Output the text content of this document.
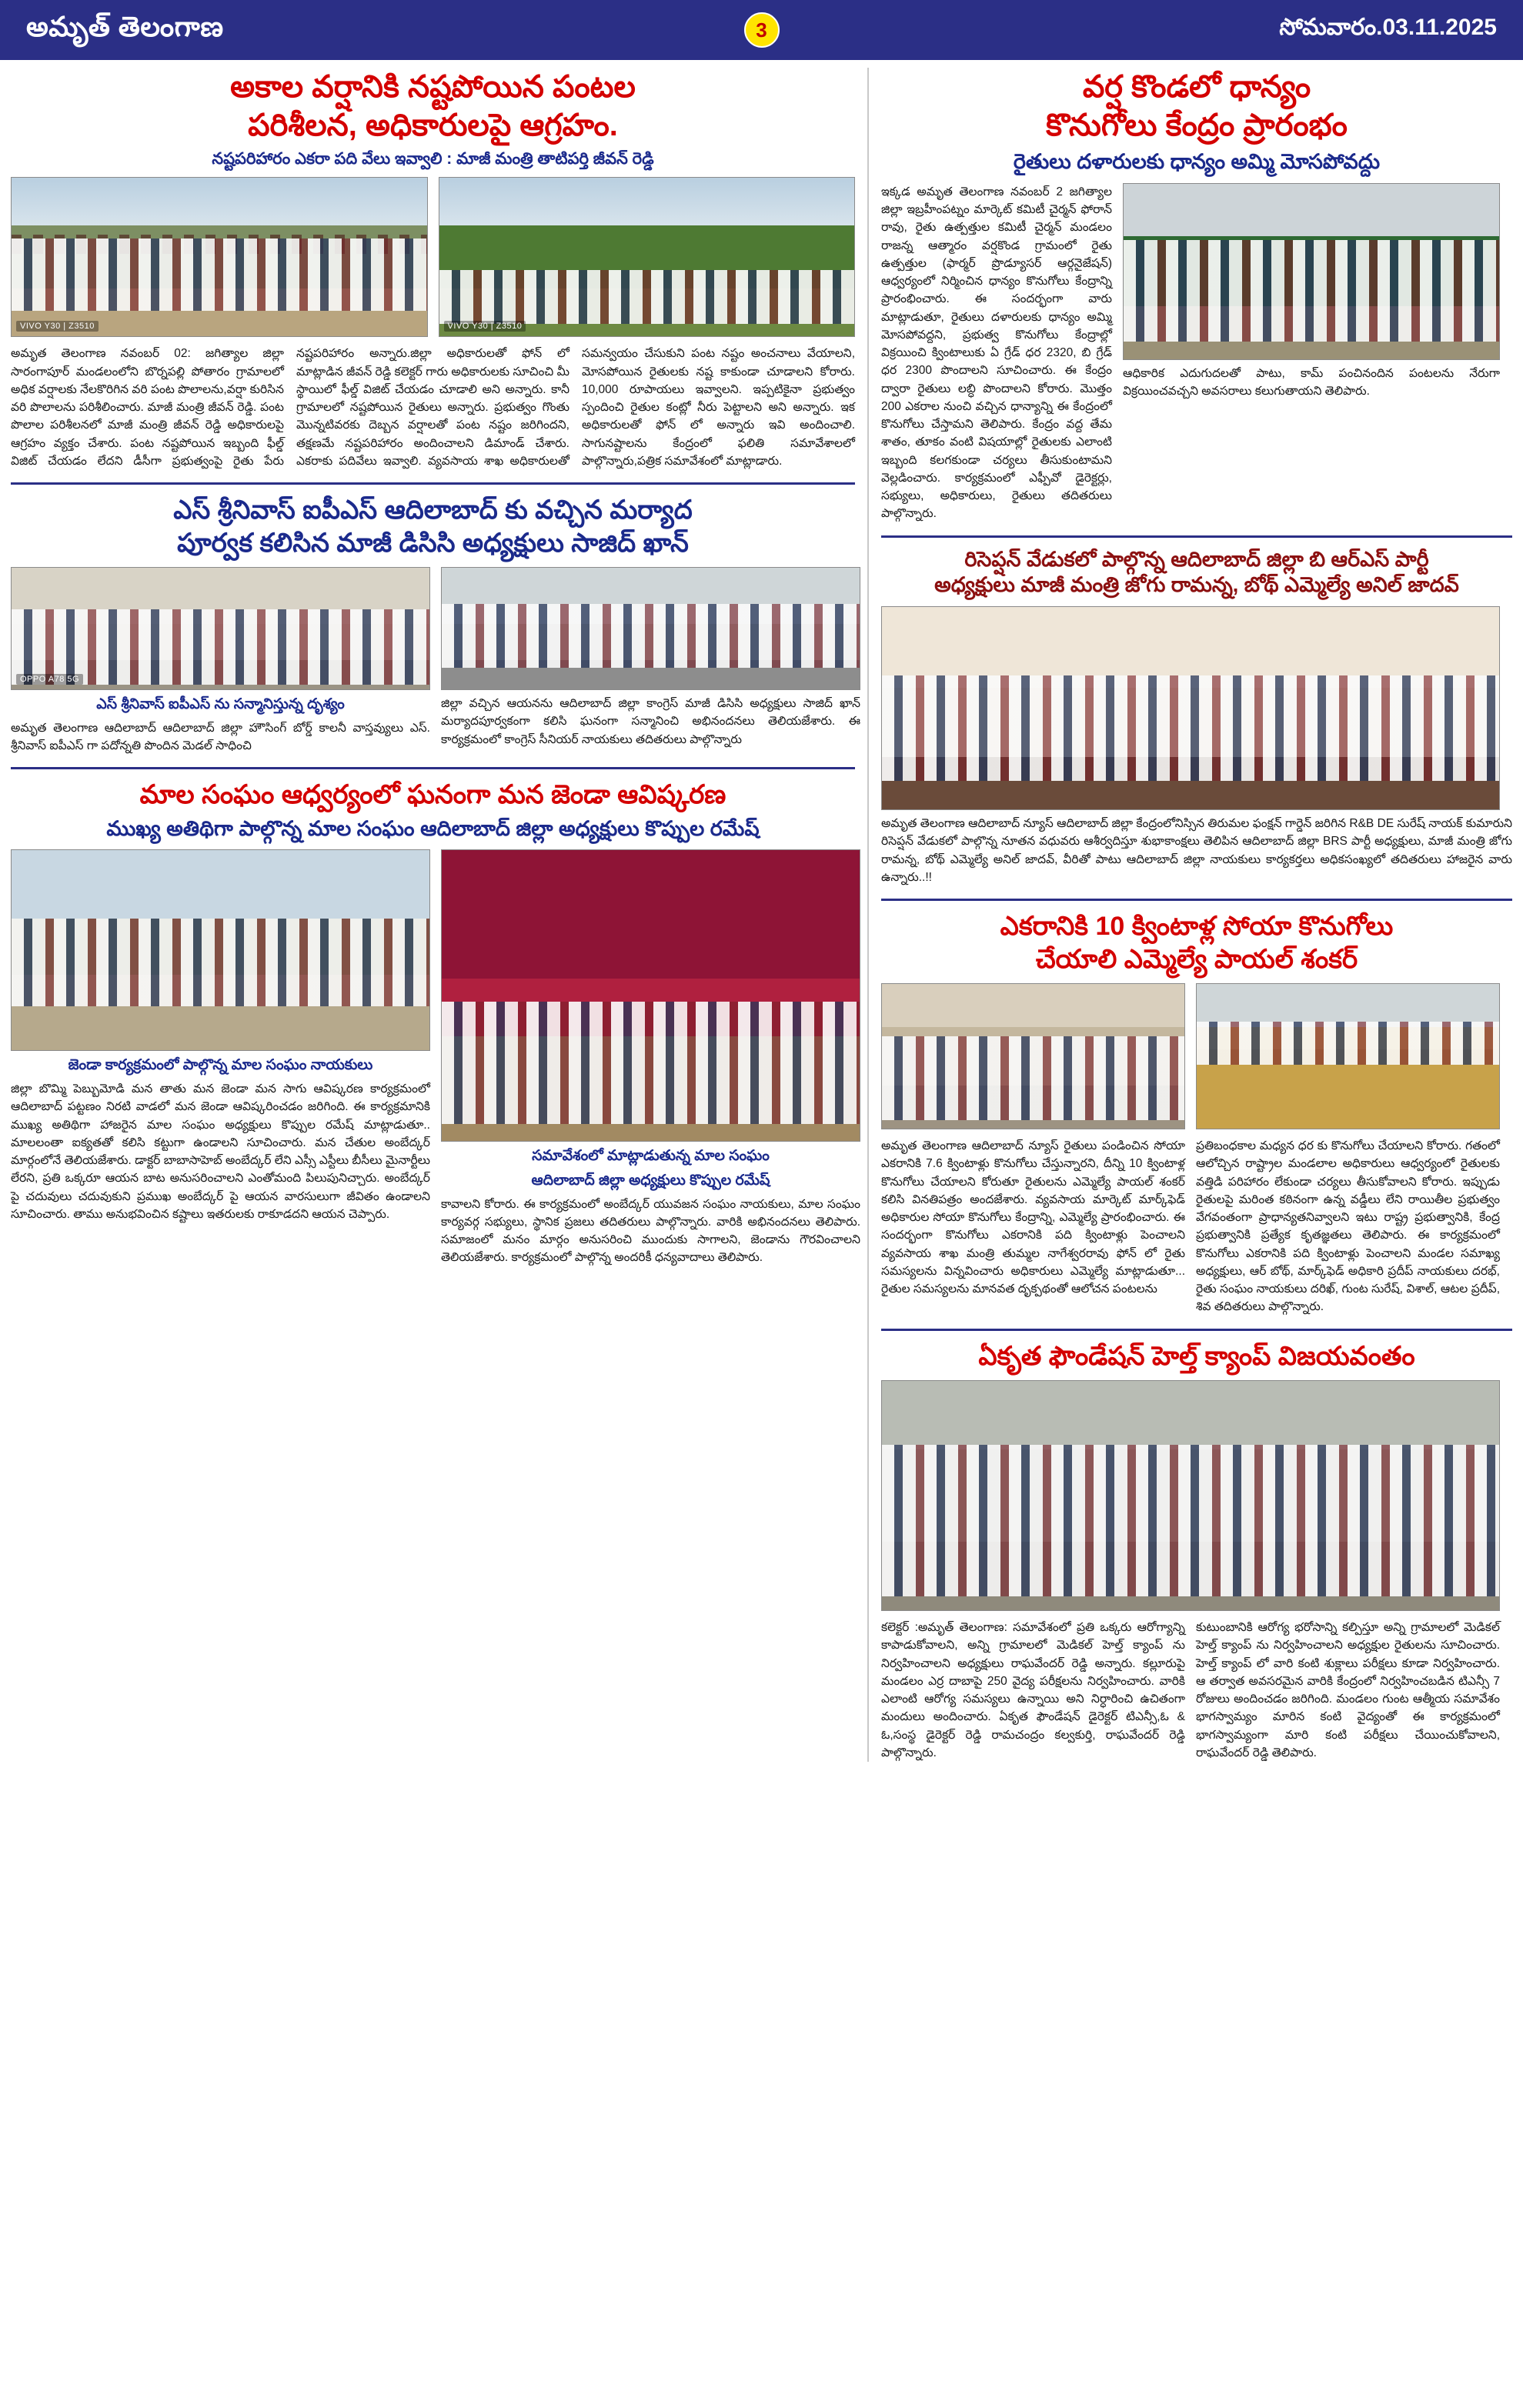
అమృత్ తెలంగాణ	3	సోమవారం.03.11.2025
అకాల వర్షానికి నష్టపోయిన పంటల
పరిశీలన, అధికారులపై ఆగ్రహం.
నష్టపరిహారం ఎకరా పది వేలు ఇవ్వాలి : మాజీ మంత్రి తాటిపర్తి జీవన్ రెడ్డి
VIVO Y30 | Z3510	VIVO Y30 | Z3510
అమృత తెలంగాణ నవంబర్ 02: జగిత్యాల జిల్లా సారంగాపూర్ మండలంలోని బొర్నపల్లి పోతారం గ్రామాలలో అధిక వర్షాలకు నేలకొరిగిన వరి పంట పొలాలను,వర్షా కురిసిన వరి పొలాలను పరిశీలించారు. మాజీ మంత్రి జీవన్ రెడ్డి. పంట పొలాల పరిశీలనలో మాజీ మంత్రి జీవన్ రెడ్డి అధికారులపై ఆగ్రహం వ్యక్తం చేశారు. పంట నష్టపోయిన ఇబ్బంది ఫీల్డ్ విజిట్ చేయడం లేదని డీసీగా ప్రభుత్వంపై రైతు పేరు నష్టపరిహారం అన్నారు.జిల్లా అధికారులతో ఫోన్ లో మాట్లాడిన జీవన్ రెడ్డి కలెక్టర్ గారు అధికారులకు సూచించి మీ స్థాయిలో ఫీల్డ్ విజిట్ చేయడం చూడాలి అని అన్నారు. కానీ గ్రామాలలో నష్టపోయిన రైతులు అన్నారు. ప్రభుత్వం గొంతు మొన్నటివరకు దెబ్బన వర్షాలతో పంట నష్టం జరిగిందని, తక్షణమే నష్టపరిహారం అందించాలని డిమాండ్ చేశారు. ఎకరాకు పదివేలు ఇవ్వాలి. వ్యవసాయ శాఖ అధికారులతో సమన్వయం చేసుకుని పంట నష్టం అంచనాలు వేయాలని, మోసపోయిన రైతులకు నష్ట కాకుండా చూడాలని కోరారు. 10,000 రూపాయలు ఇవ్వాలని. ఇప్పటికైనా ప్రభుత్వం స్పందించి రైతుల కంట్లో నీరు పెట్టాలని అని అన్నారు. ఇక అధికారులతో ఫోన్ లో అన్నారు ఇవి అందించాలి. సాగునష్టాలను కేంద్రంలో ఫలితి సమావేశాలలో పాల్గొన్నారు,పత్రిక సమావేశంలో మాట్లాడారు.
ఎస్ శ్రీనివాస్ ఐపీఎస్ ఆదిలాబాద్ కు వచ్చిన మర్యాద
పూర్వక కలిసిన మాజీ డిసిసి అధ్యక్షులు సాజిద్ ఖాన్
OPPO A78 5G
ఎస్ శ్రీనివాస్ ఐపీఎస్ ను సన్మానిస్తున్న దృశ్యం
అమృత తెలంగాణ ఆదిలాబాద్ ఆదిలాబాద్ జిల్లా హౌసింగ్ బోర్డ్ కాలనీ వాస్తవ్యులు ఎస్. శ్రీనివాస్ ఐపీఎస్ గా పదోన్నతి పొందిన మెడల్ సాధించి
జిల్లా వచ్చిన ఆయనను ఆదిలాబాద్ జిల్లా కాంగ్రెస్ మాజీ డిసిసి అధ్యక్షులు సాజిద్ ఖాన్ మర్యాదపూర్వకంగా కలిసి ఘనంగా సన్మానించి అభినందనలు తెలియజేశారు. ఈ కార్యక్రమంలో కాంగ్రెస్ సీనియర్ నాయకులు తదితరులు పాల్గొన్నారు
మాల సంఘం ఆధ్వర్యంలో ఘనంగా మన జెండా ఆవిష్కరణ
ముఖ్య అతిథిగా పాల్గొన్న మాల సంఘం ఆదిలాబాద్ జిల్లా అధ్యక్షులు కొప్పుల రమేష్
జెండా కార్యక్రమంలో పాల్గొన్న మాల సంఘం నాయకులు
జిల్లా బొమ్మి పెబ్బుమోడి మన తాతు మన జెండా మన సాగు ఆవిష్కరణ కార్యక్రమంలో ఆదిలాబాద్ పట్టణం నిరటి వాడలో మన జెండా ఆవిష్కరించడం జరిగింది. ఈ కార్యక్రమానికి ముఖ్య అతిథిగా హాజరైన మాల సంఘం అధ్యక్షులు కొప్పుల రమేష్ మాట్లాడుతూ.. మాలలంతా ఐక్యతతో కలిసి కట్టుగా ఉండాలని సూచించారు. మన చేతుల అంబేద్కర్ మార్గంలోనే తెలియజేశారు. డాక్టర్ బాబాసాహెబ్ అంబేద్కర్ లేని ఎస్సీ ఎస్టీలు బీసీలు మైనార్టీలు లేరని, ప్రతి ఒక్కరూ ఆయన బాట అనుసరించాలని ఎంతోమంది పిలుపునిచ్చారు. అంబేద్కర్ పై చదువులు చదువుకుని ప్రముఖ అంబేద్కర్ పై ఆయన వారసులుగా జీవితం ఉండాలని సూచించారు. తాము అనుభవించిన కష్టాలు ఇతరులకు రాకూడదని ఆయన చెప్పారు.
సమావేశంలో మాట్లాడుతున్న మాల సంఘం
ఆదిలాబాద్ జిల్లా అధ్యక్షులు కొప్పుల రమేష్
కావాలని కోరారు. ఈ కార్యక్రమంలో అంబేద్కర్ యువజన సంఘం నాయకులు, మాల సంఘం కార్యవర్గ సభ్యులు, స్థానిక ప్రజలు తదితరులు పాల్గొన్నారు. వారికి అభినందనలు తెలిపారు. సమాజంలో మనం మార్గం అనుసరించి ముందుకు సాగాలని, జెండాను గౌరవించాలని తెలియజేశారు. కార్యక్రమంలో పాల్గొన్న అందరికీ ధన్యవాదాలు తెలిపారు.
వర్ష కొండలో ధాన్యం
కొనుగోలు కేంద్రం ప్రారంభం
రైతులు దళారులకు ధాన్యం అమ్మి మోసపోవద్దు
ఇక్కడ అమృత తెలంగాణ నవంబర్ 2 జగిత్యాల జిల్లా ఇబ్రహీంపట్నం మార్కెట్ కమిటీ చైర్మన్ ఫోరాన్ రావు, రైతు ఉత్పత్తుల కమిటీ చైర్మన్ మండలం రాజన్న ఆత్మారం వర్షకొండ గ్రామంలో రైతు ఉత్పత్తుల (ఫార్మర్ ప్రొడ్యూసర్ ఆర్గనైజేషన్) ఆధ్వర్యంలో నిర్మించిన ధాన్యం కొనుగోలు కేంద్రాన్ని ప్రారంభించారు. ఈ సందర్భంగా వారు మాట్లాడుతూ, రైతులు దళారులకు ధాన్యం అమ్మి మోసపోవద్దని, ప్రభుత్వ కొనుగోలు కేంద్రాల్లో విక్రయించి క్వింటాలుకు ఏ గ్రేడ్ ధర 2320, బి గ్రేడ్ ధర 2300 పొందాలని సూచించారు. ఈ కేంద్రం ద్వారా రైతులు లబ్ధి పొందాలని కోరారు. మొత్తం 200 ఎకరాల నుంచి వచ్చిన ధాన్యాన్ని ఈ కేంద్రంలో కొనుగోలు చేస్తామని తెలిపారు. కేంద్రం వద్ద తేమ శాతం, తూకం వంటి విషయాల్లో రైతులకు ఎలాంటి ఇబ్బంది కలగకుండా చర్యలు తీసుకుంటామని వెల్లడించారు. కార్యక్రమంలో ఎఫ్పీవో డైరెక్టర్లు, సభ్యులు, అధికారులు, రైతులు తదితరులు పాల్గొన్నారు.
ఆధికారిక ఎదుగుదలతో పాటు, కామ్ పంచినందిన పంటలను నేరుగా విక్రయించవచ్చని అవసరాలు కలుగుతాయని తెలిపారు.
రిసెప్షన్ వేడుకలో పాల్గొన్న ఆదిలాబాద్ జిల్లా బి ఆర్ఎస్ పార్టీ
అధ్యక్షులు మాజీ మంత్రి జోగు రామన్న, బోథ్ ఎమ్మెల్యే అనిల్ జాదవ్
అమృత తెలంగాణ ఆదిలాబాద్ న్యూస్ ఆదిలాబాద్ జిల్లా కేంద్రంలోనిస్సిన తిరుమల ఫంక్షన్ గార్డెన్ జరిగిన R&B DE సురేష్ నాయక్ కుమారుని రిసెప్షన్ వేడుకలో పాల్గొన్న నూతన వధువరు ఆశీర్వదిస్తూ శుభాకాంక్షలు తెలిపిన ఆదిలాబాద్ జిల్లా BRS పార్టీ అధ్యక్షులు, మాజీ మంత్రి జోగు రామన్న, బోథ్ ఎమ్మెల్యే అనిల్ జాదవ్, వీరితో పాటు ఆదిలాబాద్ జిల్లా నాయకులు కార్యకర్తలు అధికసంఖ్యలో తదితరులు హాజరైన వారు ఉన్నారు..!!
ఎకరానికి 10 క్వింటాళ్ల సోయా కొనుగోలు
చేయాలి ఎమ్మెల్యే పాయల్ శంకర్
అమృత తెలంగాణ ఆదిలాబాద్ న్యూస్ రైతులు పండించిన సోయా ఎకరానికి 7.6 క్వింటాళ్లు కొనుగోలు చేస్తున్నారని, దీన్ని 10 క్వింటాళ్ల కొనుగోలు చేయాలని కోరుతూ రైతులను ఎమ్మెల్యే పాయల్ శంకర్ కలిసి వినతిపత్రం అందజేశారు. వ్యవసాయ మార్కెట్ మార్క్‌ఫెడ్ అధికారుల సోయా కొనుగోలు కేంద్రాన్ని, ఎమ్మెల్యే ప్రారంభించారు. ఈ సందర్భంగా కొనుగోలు ఎకరానికి పది క్వింటాళ్లు పెంచాలని వ్యవసాయ శాఖ మంత్రి తుమ్మల నాగేశ్వరరావు ఫోన్ లో రైతు సమస్యలను విన్నవించారు అధికారులు ఎమ్మెల్యే మాట్లాడుతూ... రైతుల సమస్యలను మానవత దృక్పథంతో ఆలోచన పంటలను
ప్రతిబంధకాల మధ్యన ధర కు కొనుగోలు చేయాలని కోరారు. గతంలో ఆలోచ్చిన రాష్ట్రాల మండలాల అధికారులు ఆధ్వర్యంలో రైతులకు వత్తిడి పరిహారం లేకుండా చర్యలు తీసుకోవాలని కోరారు. ఇప్పుడు రైతులపై మరింత కఠినంగా ఉన్న వడ్డీలు లేని రాయితీల ప్రభుత్వం వేగవంతంగా ప్రాధాన్యతనివ్వాలని ఇటు రాష్ట్ర ప్రభుత్వానికి, కేంద్ర ప్రభుత్వానికి ప్రత్యేక కృతజ్ఞతలు తెలిపారు. ఈ కార్యక్రమంలో కొనుగోలు ఎకరానికి పది క్వింటాళ్లు పెంచాలని మండల సమాఖ్య అధ్యక్షులు, ఆర్ బోథ్, మార్క్‌ఫెడ్ అధికారి ప్రదీప్ నాయకులు దరభ్, రైతు సంఘం నాయకులు దరిఖ్, గుంట సురేష్, విశాల్, ఆటల ప్రదీప్, శివ తదితరులు పాల్గొన్నారు.
ఏకృత ఫౌండేషన్ హెల్త్ క్యాంప్ విజయవంతం
కలెక్టర్ :అమృత్ తెలంగాణ: సమావేశంలో ప్రతి ఒక్కరు ఆరోగ్యాన్ని కాపాడుకోవాలని, అన్ని గ్రామాలలో మెడికల్ హెల్త్ క్యాంప్ ను నిర్వహించాలని అధ్యక్షులు రాఘవేందర్ రెడ్డి అన్నారు. కల్లూరుపై మండలం ఎర్ర దాబాపై 250 వైద్య పరీక్షలను నిర్వహించారు. వారికి ఎలాంటి ఆరోగ్య సమస్యలు ఉన్నాయి అని నిర్ధారించి ఉచితంగా మందులు అందించారు. ఏకృత ఫౌండేషన్ డైరెక్టర్ టిఎన్సీ,ఓ & ఓ,సంస్థ డైరెక్టర్ రెడ్డి రామచంద్రం కల్వకుర్తి, రాఘవేందర్ రెడ్డి పాల్గొన్నారు.
కుటుంబానికి ఆరోగ్య భరోసాన్ని కల్పిస్తూ అన్ని గ్రామాలలో మెడికల్ హెల్త్ క్యాంప్ ను నిర్వహించాలని అధ్యక్షుల రైతులను సూచించారు. హెల్త్ క్యాంప్ లో వారి కంటి శుక్లాలు పరీక్షలు కూడా నిర్వహించారు. ఆ తర్వాత అవసరమైన వారికి కేంద్రంలో నిర్వహించబడిన టిఎన్సీ 7 రోజులు అందించడం జరిగింది. మండలం గుంట ఆత్మీయ సమావేశం భాగస్వామ్యం మారిన కంటి వైద్యంతో ఈ కార్యక్రమంలో భాగస్వామ్యంగా మారి కంటి పరీక్షలు చేయించుకోవాలని, రాఘవేందర్ రెడ్డి తెలిపారు.
